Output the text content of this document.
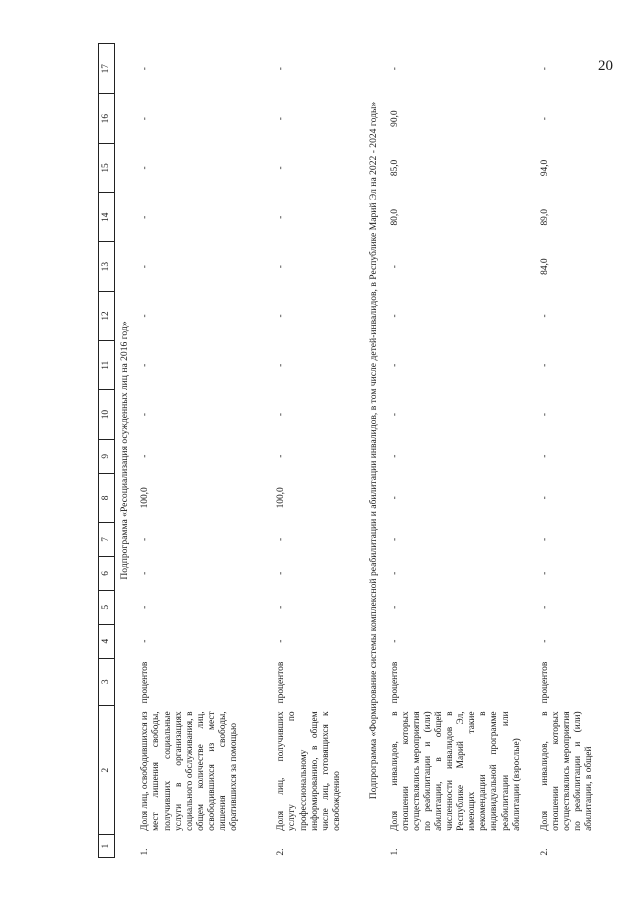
20
1	2	3	4	5	6	7	8	9	10	11	12	13	14	15	16	17
Подпрограмма «Ресоциализация осужденных лиц на 2016 год»																
1.	Доля лиц, освободившихся из мест лишения свободы, получивших социальные услуги в организациях социального обслуживания, в общем количестве лиц, освободившихся из мест лишения свободы, обратившихся за помощью	процентов	-	-	-	-	100,0	-	-	-	-	-	-	-	-	-
2.	Доля лиц, получивших услугу по профессиональному информированию, в общем числе лиц, готовящихся к освобождению	процентов	-	-	-	-	100,0	-	-	-	-	-	-	-	-	-
Подпрограмма «Формирование системы комплексной реабилитации и абилитации инвалидов, в том числе детей-инвалидов, в Республике Марий Эл на 2022 - 2024 годы»																
1.	Доля инвалидов, в отношении которых осуществлялись мероприятия по реабилитации и (или) абилитации, в общей численности инвалидов в Республике Марий Эл, имеющих такие рекомендации в индивидуальной программе реабилитации или абилитации (взрослые)	процентов	-	-	-	-	-	-	-	-	-	-	80,0	85,0	90,0	-
2.	Доля инвалидов, в отношении которых осуществлялись мероприятия по реабилитации и (или) абилитации, в общей	процентов	-	-	-	-	-	-	-	-	-	84,0	89,0	94,0	-	-
